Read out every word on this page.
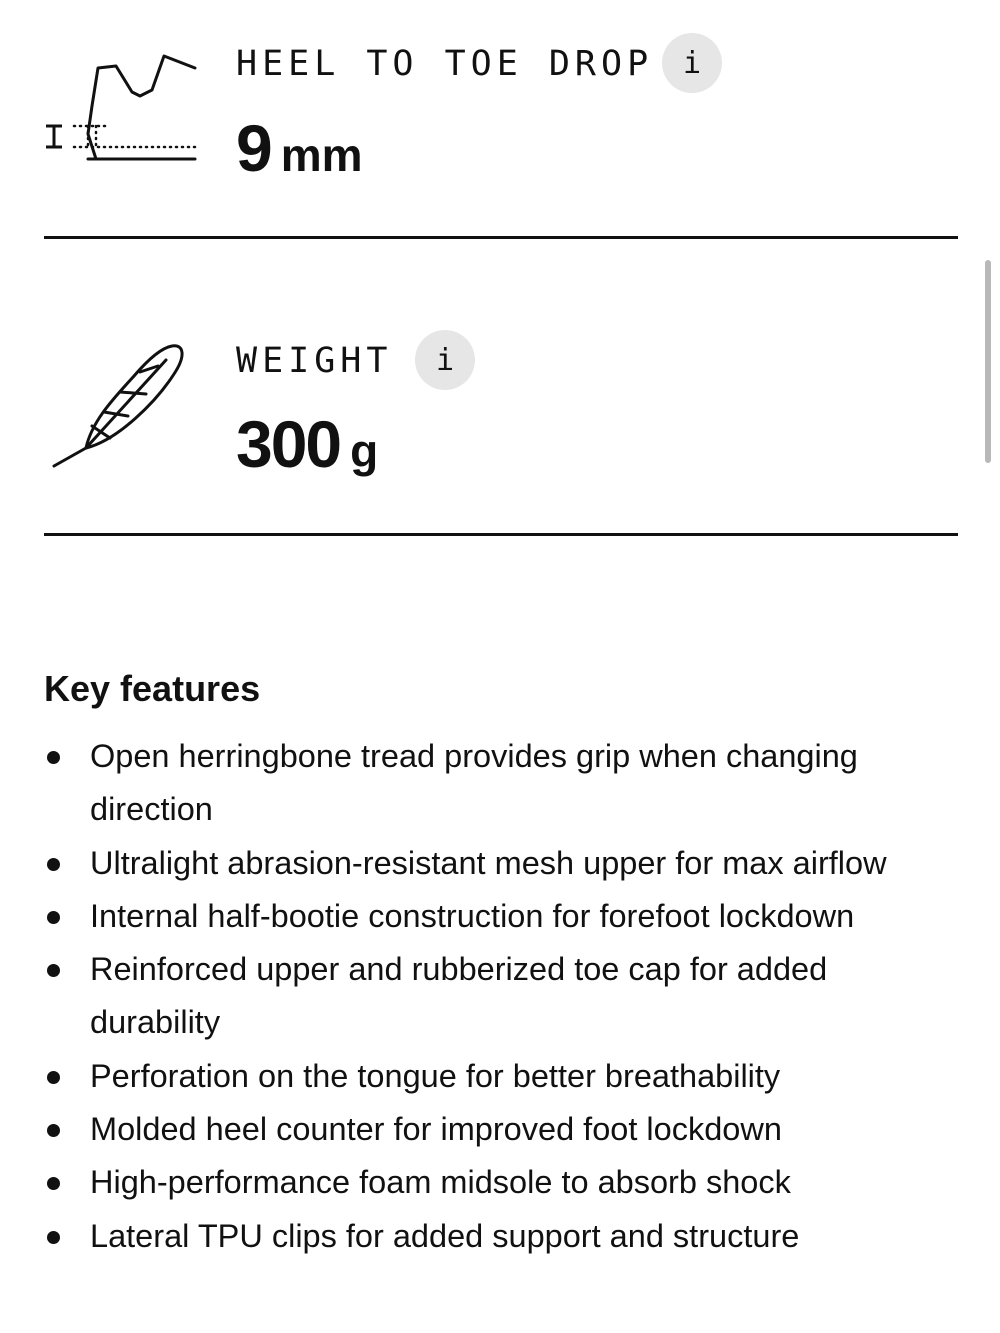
HEEL TO TOE DROP i
9 mm
WEIGHT	i
300 g
Key features
Open herringbone tread provides grip when changing direction
Ultralight abrasion-resistant mesh upper for max airflow
Internal half-bootie construction for forefoot lockdown
Reinforced upper and rubberized toe cap for added durability
Perforation on the tongue for better breathability
Molded heel counter for improved foot lockdown
High-performance foam midsole to absorb shock
Lateral TPU clips for added support and structure
